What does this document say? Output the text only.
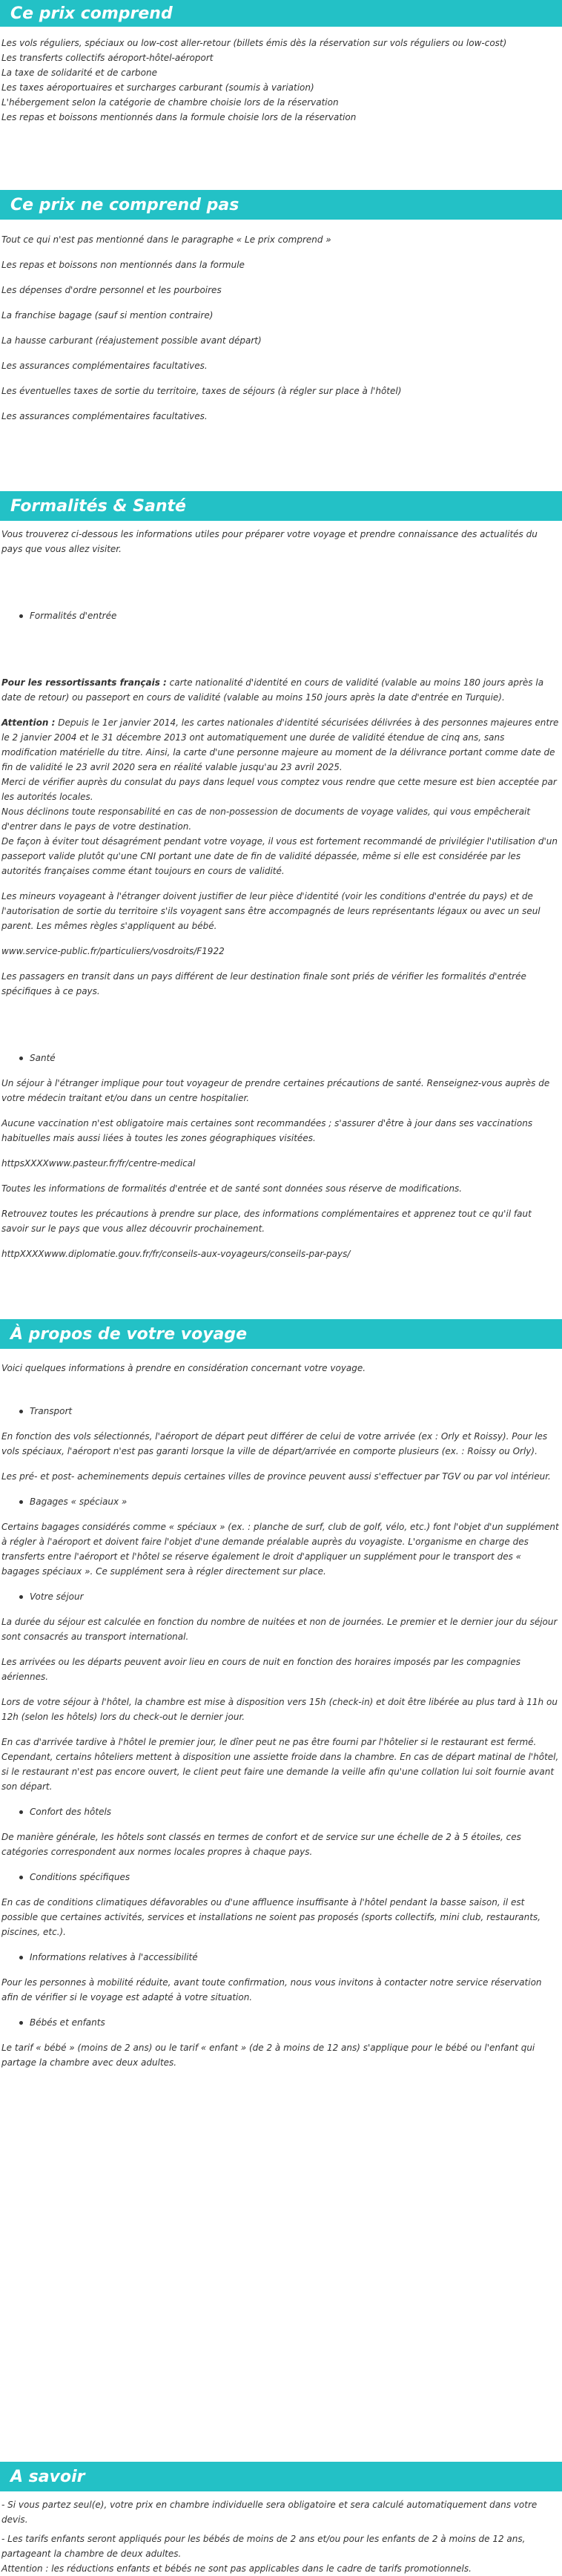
Ce prix comprend

Les vols réguliers, spéciaux ou low-cost aller-retour (billets émis dès la réservation sur vols réguliers ou low-cost)

Les transferts collectifs aéroport-hôtel-aéroport

La taxe de solidarité et de carbone

Les taxes aéroportuaires et surcharges carburant (soumis à variation)

L'hébergement selon la catégorie de chambre choisie lors de la réservation

Les repas et boissons mentionnés dans la formule choisie lors de la réservation

Ce prix ne comprend pas

Tout ce qui n'est pas mentionné dans le paragraphe « Le prix comprend »

Les repas et boissons non mentionnés dans la formule

Les dépenses d'ordre personnel et les pourboires

La franchise bagage (sauf si mention contraire)

La hausse carburant (réajustement possible avant départ)

Les assurances complémentaires facultatives.

Les éventuelles taxes de sortie du territoire, taxes de séjours (à régler sur place à l'hôtel)

Les assurances complémentaires facultatives.

Formalités & Santé

Vous trouverez ci-dessous les informations utiles pour préparer votre voyage et prendre connaissance des actualités du pays que vous allez visiter.

Formalités d'entrée

Pour les ressortissants français : carte nationalité d'identité en cours de validité (valable au moins 180 jours après la date de retour) ou passeport en cours de validité (valable au moins 150 jours après la date d'entrée en Turquie).

Attention : Depuis le 1er janvier 2014, les cartes nationales d'identité sécurisées délivrées à des personnes majeures entre le 2 janvier 2004 et le 31 décembre 2013 ont automatiquement une durée de validité étendue de cinq ans, sans modification matérielle du titre. Ainsi, la carte d'une personne majeure au moment de la délivrance portant comme date de fin de validité le 23 avril 2020 sera en réalité valable jusqu'au 23 avril 2025.

Merci de vérifier auprès du consulat du pays dans lequel vous comptez vous rendre que cette mesure est bien acceptée par les autorités locales.

Nous déclinons toute responsabilité en cas de non-possession de documents de voyage valides, qui vous empêcherait d'entrer dans le pays de votre destination.

De façon à éviter tout désagrément pendant votre voyage, il vous est fortement recommandé de privilégier l'utilisation d'un passeport valide plutôt qu'une CNI portant une date de fin de validité dépassée, même si elle est considérée par les autorités françaises comme étant toujours en cours de validité.

Les mineurs voyageant à l'étranger doivent justifier de leur pièce d'identité (voir les conditions d'entrée du pays) et de l'autorisation de sortie du territoire s'ils voyagent sans être accompagnés de leurs représentants légaux ou avec un seul parent. Les mêmes règles s'appliquent au bébé.

www.service-public.fr/particuliers/vosdroits/F1922

Les passagers en transit dans un pays différent de leur destination finale sont priés de vérifier les formalités d'entrée spécifiques à ce pays.

Santé

Un séjour à l'étranger implique pour tout voyageur de prendre certaines précautions de santé. Renseignez-vous auprès de votre médecin traitant et/ou dans un centre hospitalier.

Aucune vaccination n'est obligatoire mais certaines sont recommandées ; s'assurer d'être à jour dans ses vaccinations habituelles mais aussi liées à toutes les zones géographiques visitées.

httpsXXXXwww.pasteur.fr/fr/centre-medical

Toutes les informations de formalités d'entrée et de santé sont données sous réserve de modifications.

Retrouvez toutes les précautions à prendre sur place, des informations complémentaires et apprenez tout ce qu'il faut savoir sur le pays que vous allez découvrir prochainement.

httpXXXXwww.diplomatie.gouv.fr/fr/conseils-aux-voyageurs/conseils-par-pays/

À propos de votre voyage

Voici quelques informations à prendre en considération concernant votre voyage.

Transport

En fonction des vols sélectionnés, l'aéroport de départ peut différer de celui de votre arrivée (ex : Orly et Roissy). Pour les vols spéciaux, l'aéroport n'est pas garanti lorsque la ville de départ/arrivée en comporte plusieurs (ex. : Roissy ou Orly).

Les pré- et post- acheminements depuis certaines villes de province peuvent aussi s'effectuer par TGV ou par vol intérieur.

Bagages « spéciaux »

Certains bagages considérés comme « spéciaux » (ex. : planche de surf, club de golf, vélo, etc.) font l'objet d'un supplément à régler à l'aéroport et doivent faire l'objet d'une demande préalable auprès du voyagiste. L'organisme en charge des transferts entre l'aéroport et l'hôtel se réserve également le droit d'appliquer un supplément pour le transport des « bagages spéciaux ». Ce supplément sera à régler directement sur place.

Votre séjour

La durée du séjour est calculée en fonction du nombre de nuitées et non de journées. Le premier et le dernier jour du séjour sont consacrés au transport international.

Les arrivées ou les départs peuvent avoir lieu en cours de nuit en fonction des horaires imposés par les compagnies aériennes.

Lors de votre séjour à l'hôtel, la chambre est mise à disposition vers 15h (check-in) et doit être libérée au plus tard à 11h ou 12h (selon les hôtels) lors du check-out le dernier jour.

En cas d'arrivée tardive à l'hôtel le premier jour, le dîner peut ne pas être fourni par l'hôtelier si le restaurant est fermé. Cependant, certains hôteliers mettent à disposition une assiette froide dans la chambre. En cas de départ matinal de l'hôtel, si le restaurant n'est pas encore ouvert, le client peut faire une demande la veille afin qu'une collation lui soit fournie avant son départ.

Confort des hôtels

De manière générale, les hôtels sont classés en termes de confort et de service sur une échelle de 2 à 5 étoiles, ces catégories correspondent aux normes locales propres à chaque pays.

Conditions spécifiques

En cas de conditions climatiques défavorables ou d'une affluence insuffisante à l'hôtel pendant la basse saison, il est possible que certaines activités, services et installations ne soient pas proposés (sports collectifs, mini club, restaurants, piscines, etc.).

Informations relatives à l'accessibilité

Pour les personnes à mobilité réduite, avant toute confirmation, nous vous invitons à contacter notre service réservation afin de vérifier si le voyage est adapté à votre situation.

Bébés et enfants

Le tarif « bébé » (moins de 2 ans) ou le tarif « enfant » (de 2 à moins de 12 ans) s'applique pour le bébé ou l'enfant qui partage la chambre avec deux adultes.

A savoir

- Si vous partez seul(e), votre prix en chambre individuelle sera obligatoire et sera calculé automatiquement dans votre devis.

- Les tarifs enfants seront appliqués pour les bébés de moins de 2 ans et/ou pour les enfants de 2 à moins de 12 ans, partageant la chambre de deux adultes.

Attention : les réductions enfants et bébés ne sont pas applicables dans le cadre de tarifs promotionnels.
